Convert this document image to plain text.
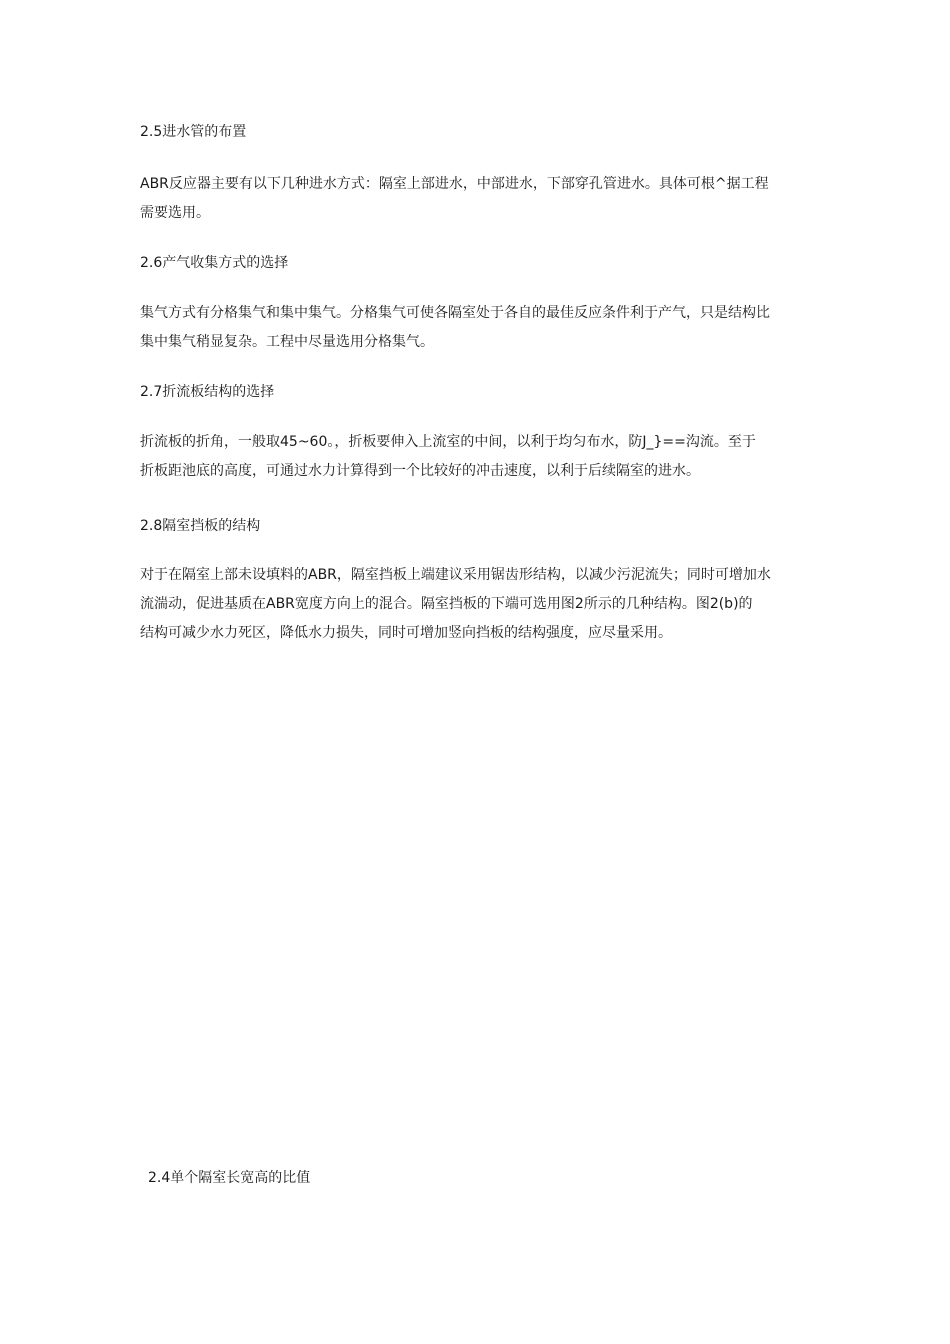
2.5进水管的布置

ABR反应器主要有以下几种进水方式：隔室上部进水，中部进水，下部穿孔管进水。具体可根^据工程
需要选用。

2.6产气收集方式的选择

集气方式有分格集气和集中集气。分格集气可使各隔室处于各自的最佳反应条件利于产气，只是结构比
集中集气稍显复杂。工程中尽量选用分格集气。

2.7折流板结构的选择

折流板的折角，一般取45~60。，折板要伸入上流室的中间，以利于均匀布水，防J_}==沟流。至于
折板距池底的高度，可通过水力计算得到一个比较好的冲击速度，以利于后续隔室的进水。

2.8隔室挡板的结构

对于在隔室上部未设填料的ABR，隔室挡板上端建议采用锯齿形结构，以减少污泥流失；同时可增加水
流湍动，促进基质在ABR宽度方向上的混合。隔室挡板的下端可选用图2所示的几种结构。图2(b)的
结构可减少水力死区，降低水力损失，同时可增加竖向挡板的结构强度，应尽量采用。

2.4单个隔室长宽高的比值
